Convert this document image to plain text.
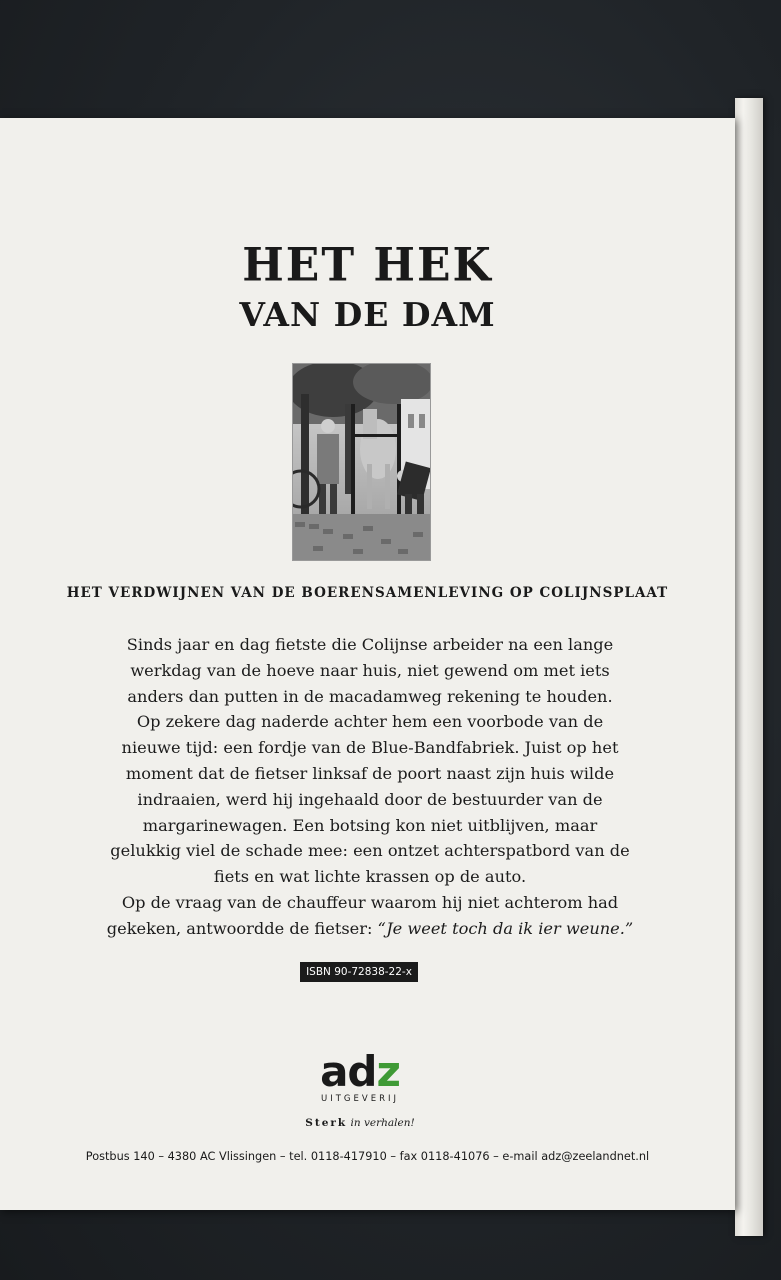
HET HEK
VAN DE DAM
HET VERDWIJNEN VAN DE BOERENSAMENLEVING OP COLIJNSPLAAT

Sinds jaar en dag fietste die Colijnse arbeider na een lange

werkdag van de hoeve naar huis, niet gewend om met iets

anders dan putten in de macadamweg rekening te houden.

Op zekere dag naderde achter hem een voorbode van de

nieuwe tijd: een fordje van de Blue-Bandfabriek. Juist op het

moment dat de fietser linksaf de poort naast zijn huis wilde

indraaien, werd hij ingehaald door de bestuurder van de

margarinewagen. Een botsing kon niet uitblijven, maar

gelukkig viel de schade mee: een ontzet achterspatbord van de

fiets en wat lichte krassen op de auto.

Op de vraag van de chauffeur waarom hij niet achterom had

gekeken, antwoordde de fietser: “Je weet toch da ik ier weune.”

ISBN 90-72838-22-x
adz
UITGEVERIJ
Sterk in verhalen!
Postbus 140 – 4380 AC Vlissingen – tel. 0118-417910 – fax 0118-41076 – e-mail adz@zeelandnet.nl
